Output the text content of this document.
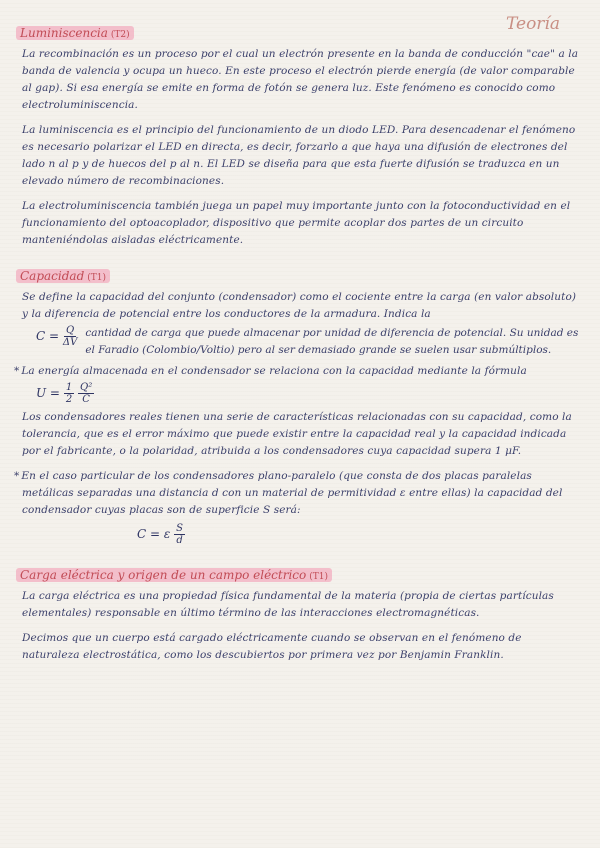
Teoría
Luminiscencia (T2)

La recombinación es un proceso por el cual un electrón presente en la banda de conducción "cae" a la banda de valencia y ocupa un hueco. En este proceso el electrón pierde energía (de valor comparable al gap). Si esa energía se emite en forma de fotón se genera luz. Este fenómeno es conocido como electroluminiscencia.

La luminiscencia es el principio del funcionamiento de un diodo LED. Para desencadenar el fenómeno es necesario polarizar el LED en directa, es decir, forzarlo a que haya una difusión de electrones del lado n al p y de huecos del p al n. El LED se diseña para que esta fuerte difusión se traduzca en un elevado número de recombinaciones.

La electroluminiscencia también juega un papel muy importante junto con la fotoconductividad en el funcionamiento del optoacoplador, dispositivo que permite acoplar dos partes de un circuito manteniéndolas aisladas eléctricamente.

Capacidad (T1)

Se define la capacidad del conjunto (condensador) como el cociente entre la carga (en valor absoluto) y la diferencia de potencial entre los conductores de la armadura. Indica la

$C = \frac{Q}{\Delta V}$ cantidad de carga que puede almacenar por unidad de diferencia de potencial. Su unidad es el Faradio (Colombio/Voltio) pero al ser demasiado grande se suelen usar submúltiplos.

* La energía almacenada en el condensador se relaciona con la capacidad mediante la fórmula

$U = \frac{1}{2}$
$\frac{\text{Q²}}{C}$

Los condensadores reales tienen una serie de características relacionadas con su capacidad, como la tolerancia, que es el error máximo que puede existir entre la capacidad real y la capacidad indicada por el fabricante, o la polaridad, atribuida a los condensadores cuya capacidad supera 1 μF.

* En el caso particular de los condensadores plano-paralelo (que consta de dos placas paralelas metálicas separadas una distancia d con un material de permitividad ε entre ellas) la capacidad del condensador cuyas placas son de superficie S será:

C = ε $\frac{S}{d}$
Carga eléctrica y origen de un campo eléctrico (T1)

La carga eléctrica es una propiedad física fundamental de la materia (propia de ciertas partículas elementales) responsable en último término de las interacciones electromagnéticas.

Decimos que un cuerpo está cargado eléctricamente cuando se observan en el fenómeno de naturaleza electrostática, como los descubiertos por primera vez por Benjamin Franklin.
